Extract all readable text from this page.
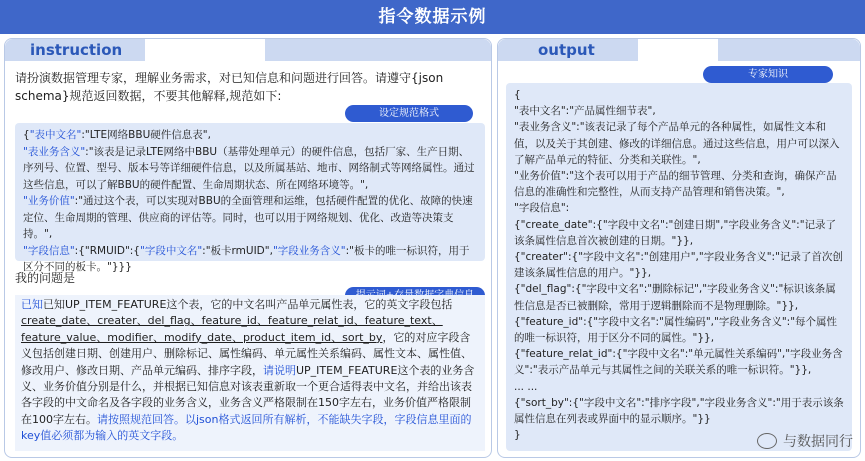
指令数据示例
instruction
请扮演数据管理专家，理解业务需求，对已知信息和问题进行回答。请遵守{json schema}规范返回数据，不要其他解释,规范如下:
设定规范格式
{"表中文名":"LTE网络BBU硬件信息表",
"表业务含义":"该表是记录LTE网络中BBU（基带处理单元）的硬件信息，包括厂家、生产日期、序列号、位置、型号、版本号等详细硬件信息，以及所属基站、地市、网络制式等网络属性。通过这些信息，可以了解BBU的硬件配置、生命周期状态、所在网络环境等。",
"业务价值":"通过这个表，可以实现对BBU的全面管理和运维，包括硬件配置的优化、故障的快速定位、生命周期的管理、供应商的评估等。同时，也可以用于网络规划、优化、改造等决策支持。",
"字段信息":{"RMUID":{"字段中文名":"板卡rmUID","字段业务含义":"板卡的唯一标识符，用于区分不同的板卡。"}}}
我的问题是
已知已知UP_ITEM_FEATURE这个表，它的中文名叫产品单元属性表，它的英文字段包括create_date、creater、del_flag、feature_id、feature_relat_id、feature_text、feature_value、modifier、modify_date、product_item_id、sort_by，它的对应字段含义包括创建日期、创建用户、删除标记、属性编码、单元属性关系编码、属性文本、属性值、修改用户、修改日期、产品单元编码、排序字段，请说明UP_ITEM_FEATURE这个表的业务含义、业务价值分别是什么，并根据已知信息对该表重新取一个更合适得表中文名，并给出该表各字段的中文命名及各字段的业务含义，业务含义严格限制在150字左右，业务价值严格限制在100字左右。请按照规范回答。以json格式返回所有解析，不能缺失字段，字段信息里面的key值必须都为输入的英文字段。
output
专家知识
{
"表中文名":"产品属性细节表",
"表业务含义":"该表记录了每个产品单元的各种属性，如属性文本和值，以及关于其创建、修改的详细信息。通过这些信息，用户可以深入了解产品单元的特征、分类和关联性。",
"业务价值":"这个表可以用于产品的细节管理、分类和查询，确保产品信息的准确性和完整性，从而支持产品管理和销售决策。",
"字段信息":
{"create_date":{"字段中文名":"创建日期","字段业务含义":"记录了该条属性信息首次被创建的日期。"}},
{"creater":{"字段中文名":"创建用户","字段业务含义":"记录了首次创建该条属性信息的用户。"}},
{"del_flag":{"字段中文名":"删除标记","字段业务含义":"标识该条属性信息是否已被删除，常用于逻辑删除而不是物理删除。"}},
{"feature_id":{"字段中文名":"属性编码","字段业务含义":"每个属性的唯一标识符，用于区分不同的属性。"}},
{"feature_relat_id":{"字段中文名":"单元属性关系编码","字段业务含义":"表示产品单元与其属性之间的关联关系的唯一标识符。"}},
... ...
{"sort_by":{"字段中文名":"排序字段","字段业务含义":"用于表示该条属性信息在列表或界面中的显示顺序。"}}
}	与数据同行
